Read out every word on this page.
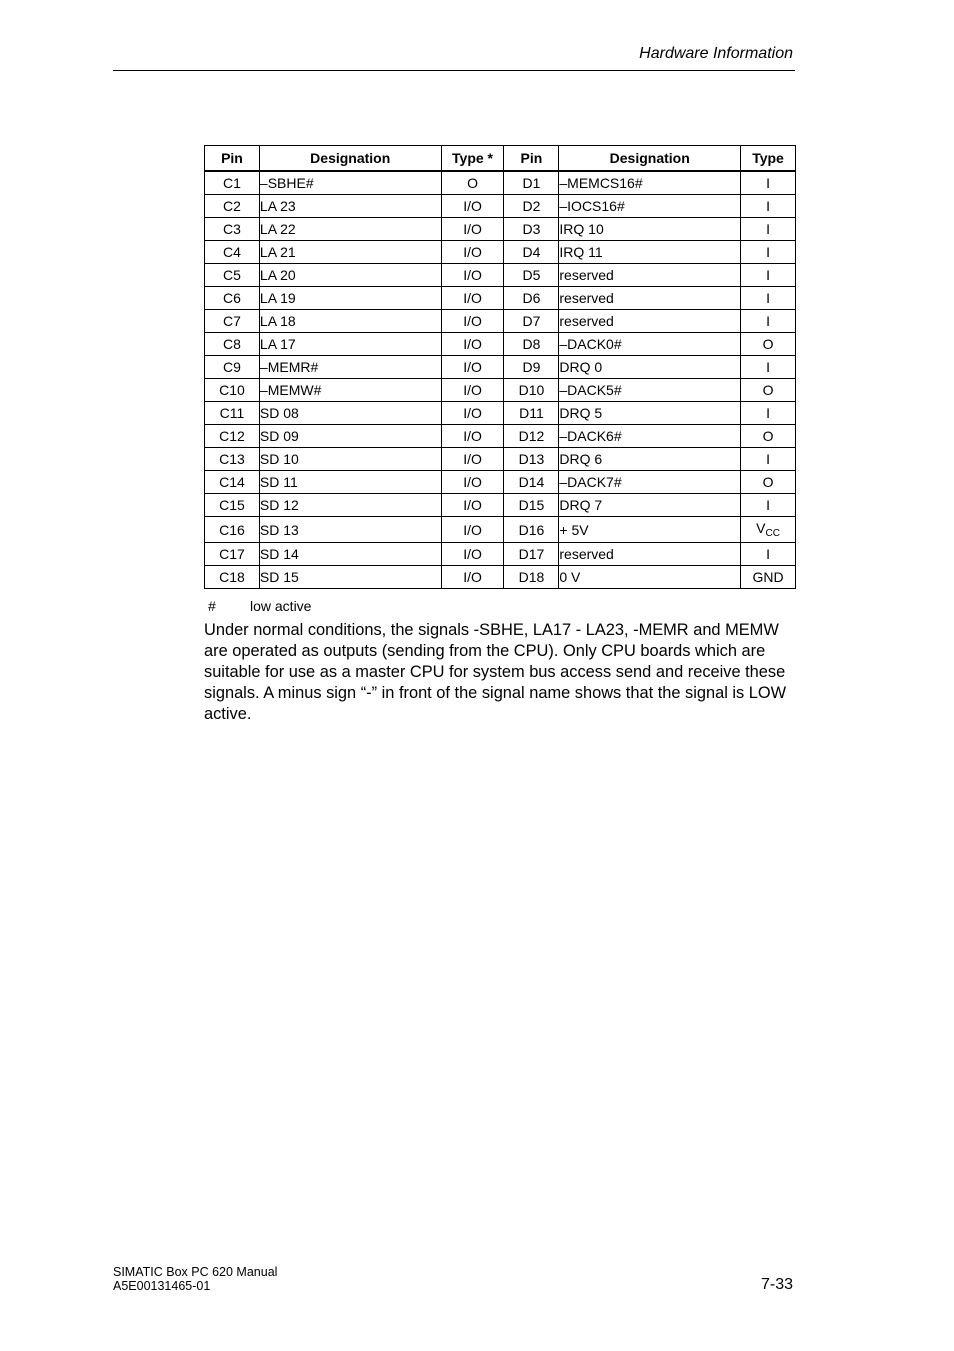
Hardware Information
Pin	Designation	Type *	Pin	Designation	Type
C1	–SBHE#	O	D1	–MEMCS16#	I
C2	LA 23	I/O	D2	–IOCS16#	I
C3	LA 22	I/O	D3	IRQ 10	I
C4	LA 21	I/O	D4	IRQ 11	I
C5	LA 20	I/O	D5	reserved	I
C6	LA 19	I/O	D6	reserved	I
C7	LA 18	I/O	D7	reserved	I
C8	LA 17	I/O	D8	–DACK0#	O
C9	–MEMR#	I/O	D9	DRQ 0	I
C10	–MEMW#	I/O	D10	–DACK5#	O
C11	SD 08	I/O	D11	DRQ 5	I
C12	SD 09	I/O	D12	–DACK6#	O
C13	SD 10	I/O	D13	DRQ 6	I
C14	SD 11	I/O	D14	–DACK7#	O
C15	SD 12	I/O	D15	DRQ 7	I
C16	SD 13	I/O	D16	+ 5V	$V_{CC}$
C17	SD 14	I/O	D17	reserved	I
C18	SD 15	I/O	D18	0 V	GND
# low active
Under normal conditions, the signals -SBHE, LA17 - LA23, -MEMR and MEMW are operated as outputs (sending from the CPU). Only CPU boards which are suitable for use as a master CPU for system bus access send and receive these signals. A minus sign “-” in front of the signal name shows that the signal is LOW active.
SIMATIC Box PC 620 Manual
A5E00131465-01	7-33
